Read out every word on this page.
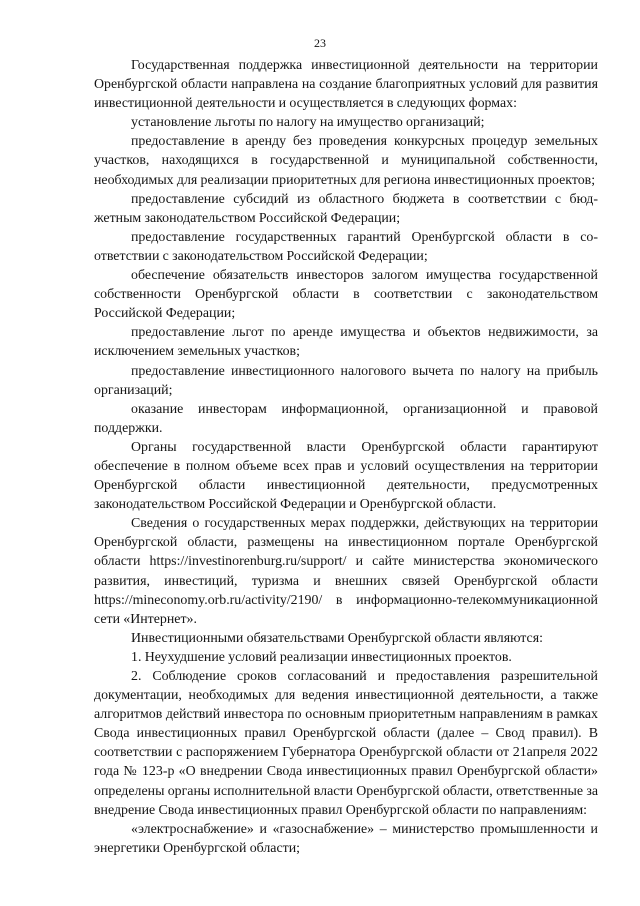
23

Государственная поддержка инвестиционной деятельности на территории Оренбургской области направлена на создание благоприятных условий для развития инвестиционной деятельности и осуществляется в следующих формах:

установление льготы по налогу на имущество организаций;

предоставление в аренду без проведения конкурсных процедур земельных участков, находящихся в государственной и муниципальной собственности, необходимых для реализации приоритетных для региона инвестиционных проектов;

предоставление субсидий из областного бюджета в соответствии с бюджетным законодательством Российской Федерации;

предоставление государственных гарантий Оренбургской области в соответствии с законодательством Российской Федерации;

обеспечение обязательств инвесторов залогом имущества государственной собственности Оренбургской области в соответствии с законодательством Российской Федерации;

предоставление льгот по аренде имущества и объектов недвижимости, за исключением земельных участков;

предоставление инвестиционного налогового вычета по налогу на прибыль организаций;

оказание инвесторам информационной, организационной и правовой поддержки.

Органы государственной власти Оренбургской области гарантируют обеспечение в полном объеме всех прав и условий осуществления на территории Оренбургской области инвестиционной деятельности, предусмотренных законодательством Российской Федерации и Оренбургской области.

Сведения о государственных мерах поддержки, действующих на территории Оренбургской области, размещены на инвестиционном портале Оренбургской области https://investinorenburg.ru/support/ и сайте министерства экономического развития, инвестиций, туризма и внешних связей Оренбургской области https://mineconomy.orb.ru/activity/2190/ в информационно-телекоммуникационной сети «Интернет».

Инвестиционными обязательствами Оренбургской области являются:

1. Неухудшение условий реализации инвестиционных проектов.

2. Соблюдение сроков согласований и предоставления разрешительной документации, необходимых для ведения инвестиционной деятельности, а также алгоритмов действий инвестора по основным приоритетным направлениям в рамках Свода инвестиционных правил Оренбургской области (далее – Свод правил). В соответствии с распоряжением Губернатора Оренбургской области от 21апреля 2022 года № 123-р «О внедрении Свода инвестиционных правил Оренбургской области» определены органы исполнительной власти Оренбургской области, ответственные за внедрение Свода инвестиционных правил Оренбургской области по направлениям:

«электроснабжение» и «газоснабжение» – министерство промышленности и энергетики Оренбургской области;
